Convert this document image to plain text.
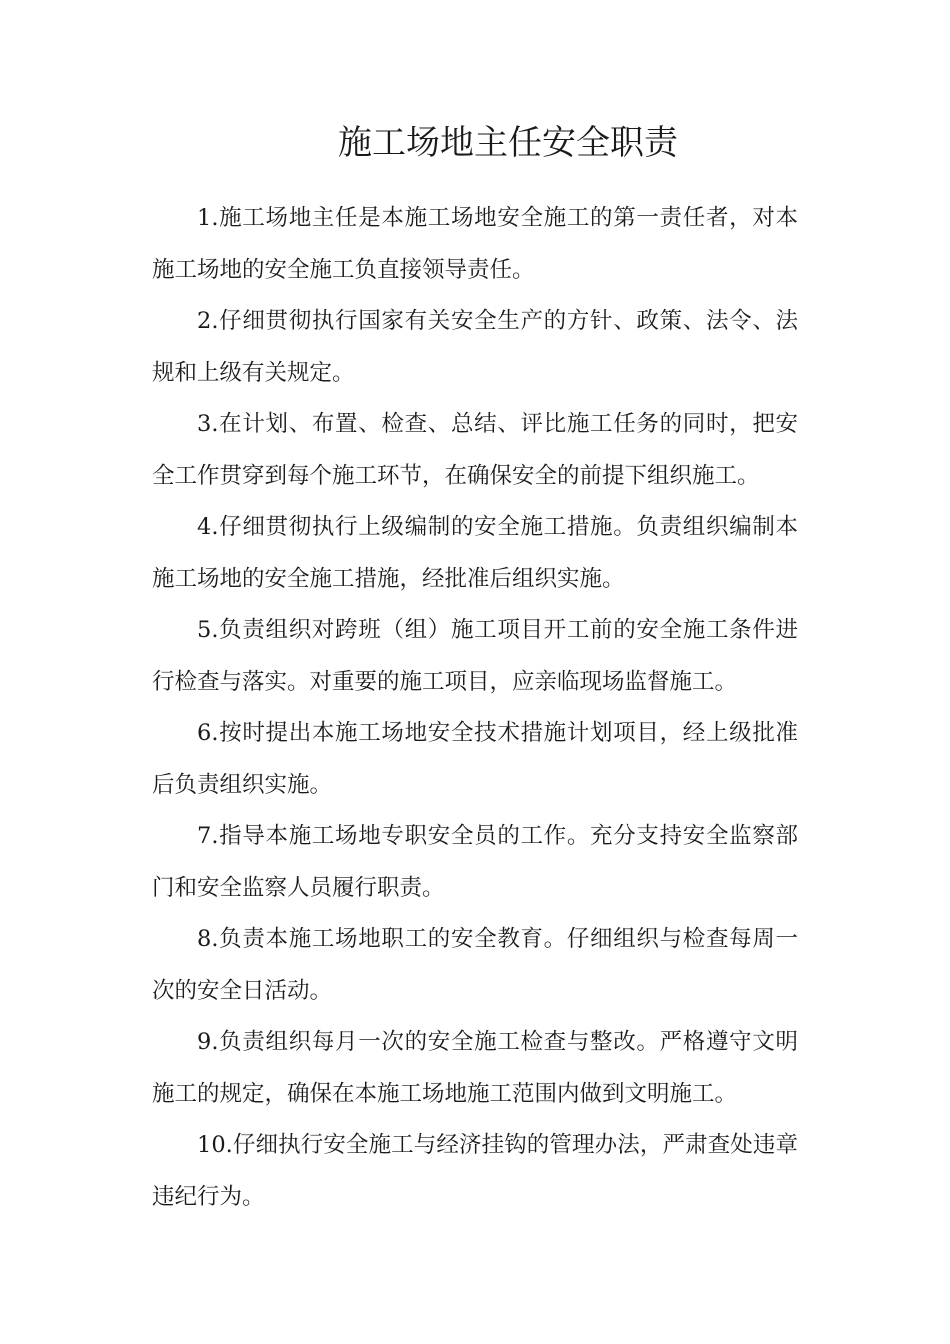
施工场地主任安全职责

1.施工场地主任是本施工场地安全施工的第一责任者，对本施工场地的安全施工负直接领导责任。

2.仔细贯彻执行国家有关安全生产的方针、政策、法令、法规和上级有关规定。

3.在计划、布置、检查、总结、评比施工任务的同时，把安全工作贯穿到每个施工环节，在确保安全的前提下组织施工。

4.仔细贯彻执行上级编制的安全施工措施。负责组织编制本施工场地的安全施工措施，经批准后组织实施。

5.负责组织对跨班（组）施工项目开工前的安全施工条件进行检查与落实。对重要的施工项目，应亲临现场监督施工。

6.按时提出本施工场地安全技术措施计划项目，经上级批准后负责组织实施。

7.指导本施工场地专职安全员的工作。充分支持安全监察部门和安全监察人员履行职责。

8.负责本施工场地职工的安全教育。仔细组织与检查每周一次的安全日活动。

9.负责组织每月一次的安全施工检查与整改。严格遵守文明施工的规定，确保在本施工场地施工范围内做到文明施工。

10.仔细执行安全施工与经济挂钩的管理办法，严肃查处违章违纪行为。
